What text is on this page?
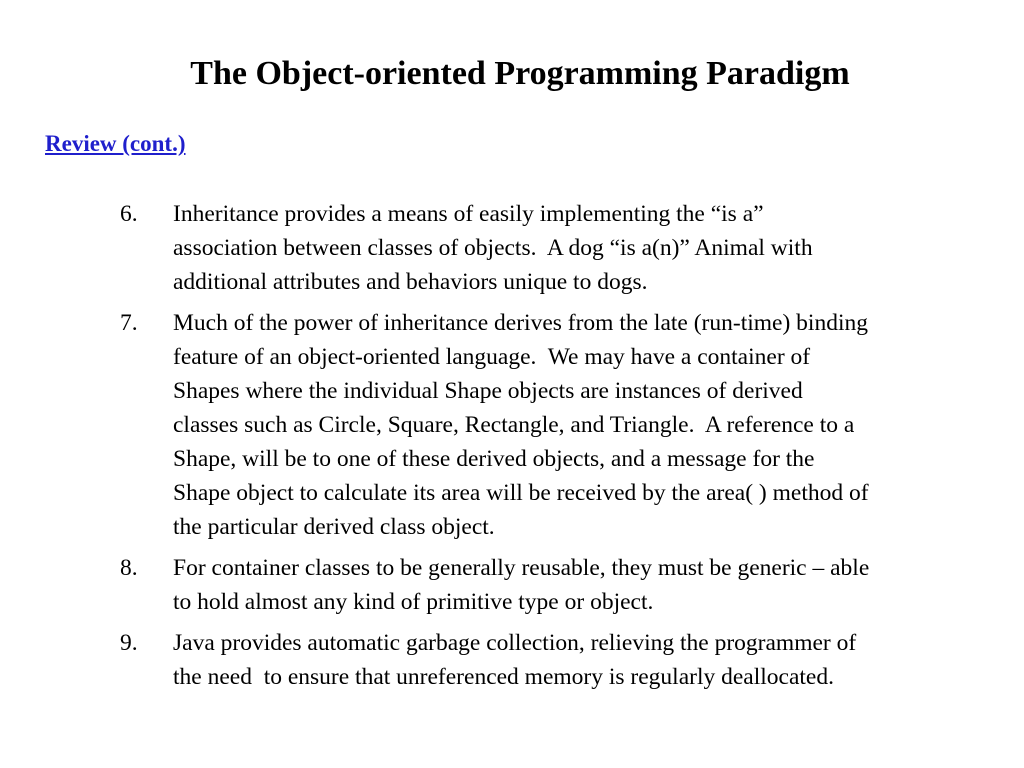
The Object-oriented Programming Paradigm
Review (cont.)
6.	Inheritance provides a means of easily implementing the “is a”
association between classes of objects.  A dog “is a(n)” Animal with
additional attributes and behaviors unique to dogs.
7.	Much of the power of inheritance derives from the late (run-time) binding
feature of an object-oriented language.  We may have a container of
Shapes where the individual Shape objects are instances of derived
classes such as Circle, Square, Rectangle, and Triangle.  A reference to a
Shape, will be to one of these derived objects, and a message for the
Shape object to calculate its area will be received by the area( ) method of
the particular derived class object.
8.	For container classes to be generally reusable, they must be generic – able
to hold almost any kind of primitive type or object.
9.	Java provides automatic garbage collection, relieving the programmer of
the need  to ensure that unreferenced memory is regularly deallocated.
